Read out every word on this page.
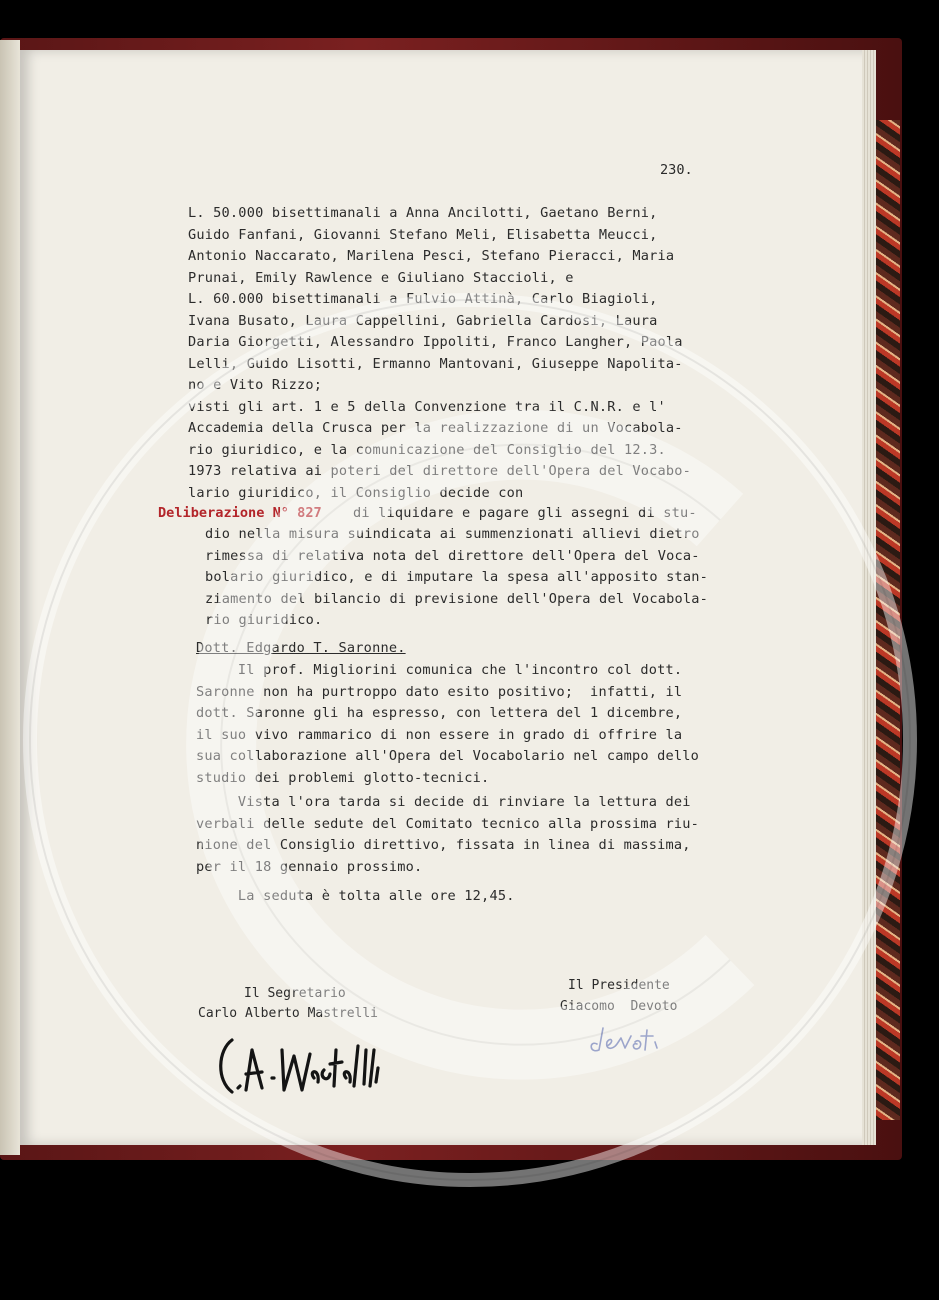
230.

L. 50.000 bisettimanali a Anna Ancilotti, Gaetano Berni,

Guido Fanfani, Giovanni Stefano Meli, Elisabetta Meucci,

Antonio Naccarato, Marilena Pesci, Stefano Pieracci, Maria

Prunai, Emily Rawlence e Giuliano Staccioli, e

L. 60.000 bisettimanali a Fulvio Attinà, Carlo Biagioli,

Ivana Busato, Laura Cappellini, Gabriella Cardosi, Laura

Daria Giorgetti, Alessandro Ippoliti, Franco Langher, Paola

Lelli, Guido Lisotti, Ermanno Mantovani, Giuseppe Napolita-

no e Vito Rizzo;

visti gli art. 1 e 5 della Convenzione tra il C.N.R. e l'

Accademia della Crusca per la realizzazione di un Vocabola-

rio giuridico, e la comunicazione del Consiglio del 12.3.

1973 relativa ai poteri del direttore dell'Opera del Vocabo-

lario giuridico, il Consiglio decide con

Deliberazione N° 827 di liquidare e pagare gli assegni di stu-

dio nella misura suindicata ai summenzionati allievi dietro

rimessa di relativa nota del direttore dell'Opera del Voca-

bolario giuridico, e di imputare la spesa all'apposito stan-

ziamento del bilancio di previsione dell'Opera del Vocabola-

rio giuridico.

Dott. Edgardo T. Saronne.

Il prof. Migliorini comunica che l'incontro col dott.

Saronne non ha purtroppo dato esito positivo;  infatti, il

dott. Saronne gli ha espresso, con lettera del 1 dicembre,

il suo vivo rammarico di non essere in grado di offrire la

sua collaborazione all'Opera del Vocabolario nel campo dello

studio dei problemi glotto-tecnici.

Vista l'ora tarda si decide di rinviare la lettura dei

verbali delle sedute del Comitato tecnico alla prossima riu-

nione del Consiglio direttivo, fissata in linea di massima,

per il 18 gennaio prossimo.

La seduta è tolta alle ore 12,45.

Il Segretario

Carlo Alberto Mastrelli

Il Presidente

Giacomo  Devoto
